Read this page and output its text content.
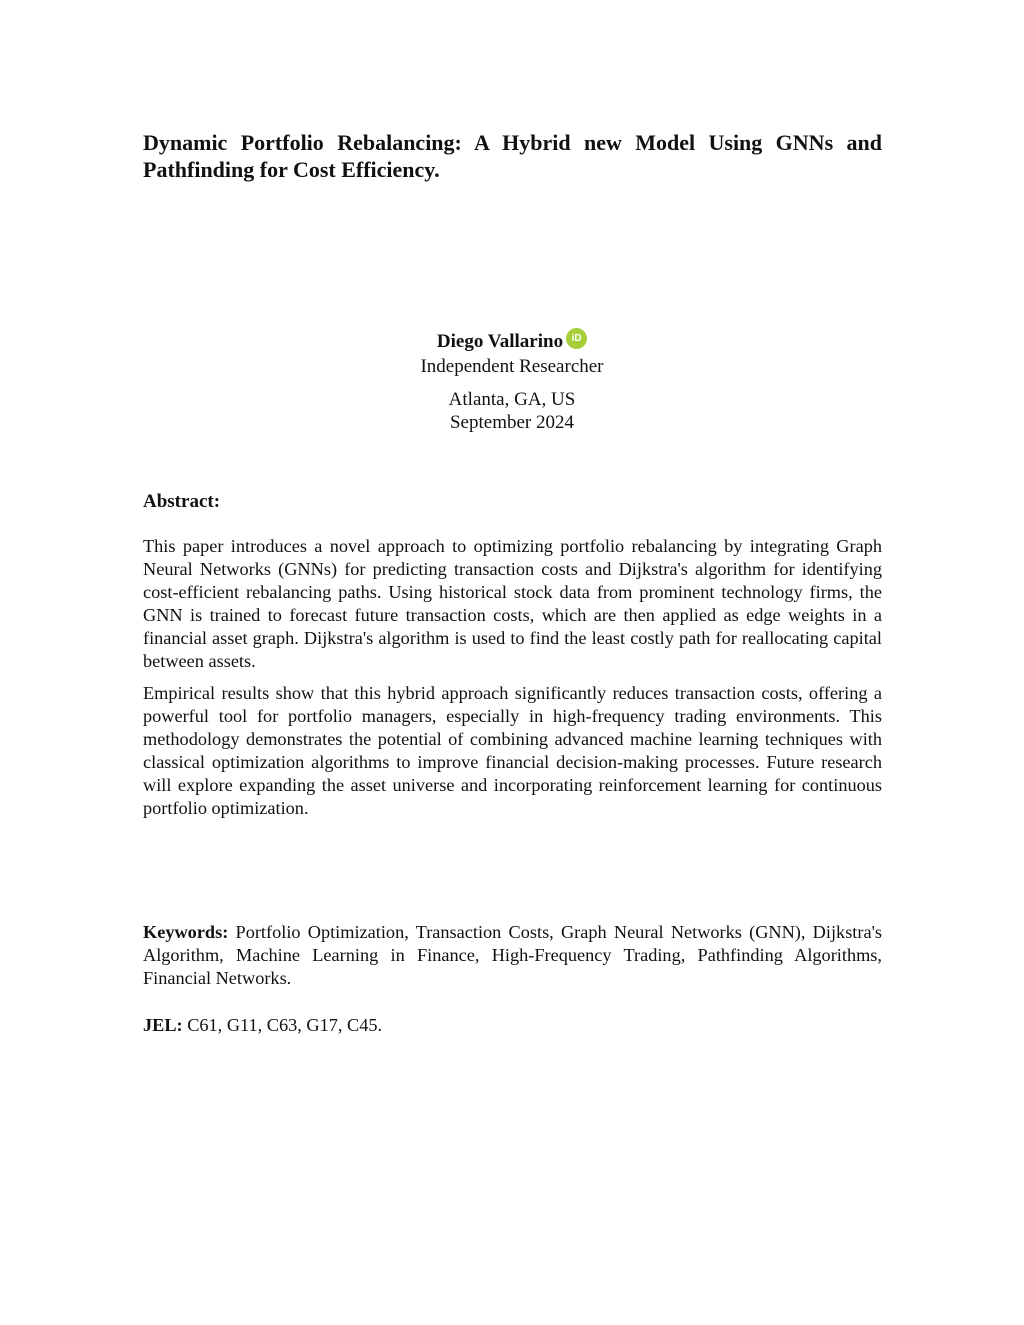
Dynamic Portfolio Rebalancing: A Hybrid new Model Using GNNs and Pathfinding for Cost Efficiency.
Diego Vallarino iD
Independent Researcher
Atlanta, GA, US
September 2024
Abstract:

This paper introduces a novel approach to optimizing portfolio rebalancing by integrating Graph Neural Networks (GNNs) for predicting transaction costs and Dijkstra's algorithm for identifying cost-efficient rebalancing paths. Using historical stock data from prominent technology firms, the GNN is trained to forecast future transaction costs, which are then applied as edge weights in a financial asset graph. Dijkstra's algorithm is used to find the least costly path for reallocating capital between assets.

Empirical results show that this hybrid approach significantly reduces transaction costs, offering a powerful tool for portfolio managers, especially in high-frequency trading environments. This methodology demonstrates the potential of combining advanced machine learning techniques with classical optimization algorithms to improve financial decision-making processes. Future research will explore expanding the asset universe and incorporating reinforcement learning for continuous portfolio optimization.

Keywords: Portfolio Optimization, Transaction Costs, Graph Neural Networks (GNN), Dijkstra's Algorithm, Machine Learning in Finance, High-Frequency Trading, Pathfinding Algorithms, Financial Networks.

JEL: C61, G11, C63, G17, C45.
